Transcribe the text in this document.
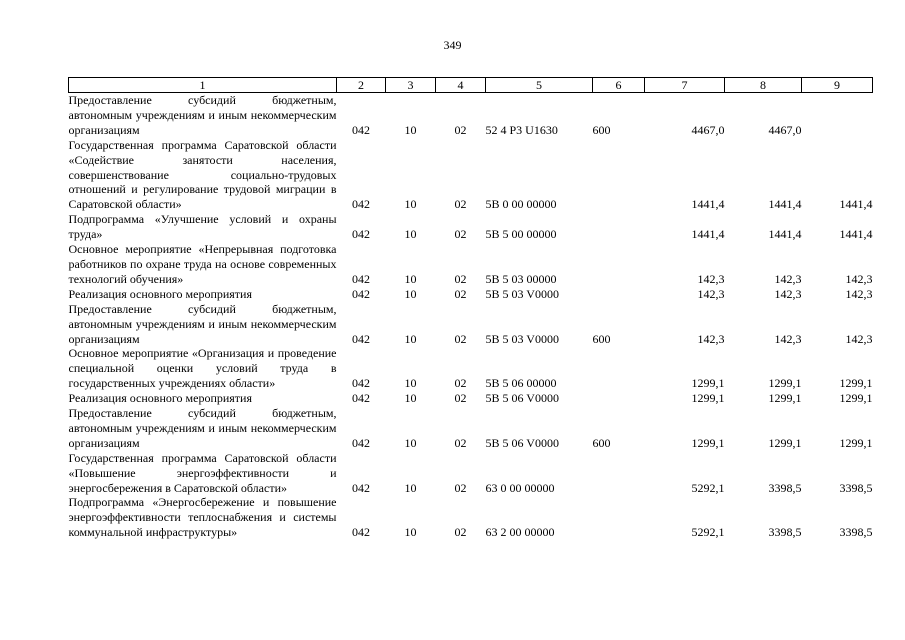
349
1	2	3	4	5	6	7	8	9
Предоставление субсидий бюджетным, автономным учреждениям и иным некоммерческим организациям	042	10	02	52 4 P3 U1630	600	4467,0	4467,0	
Государственная программа Саратовской области «Содействие занятости населения, совершенствование социально-трудовых отношений и регулирование трудовой миграции в Саратовской области»	042	10	02	5B 0 00 00000		1441,4	1441,4	1441,4
Подпрограмма «Улучшение условий и охраны труда»	042	10	02	5B 5 00 00000		1441,4	1441,4	1441,4
Основное мероприятие «Непрерывная подготовка работников по охране труда на основе современных технологий обучения»	042	10	02	5B 5 03 00000		142,3	142,3	142,3
Реализация основного мероприятия	042	10	02	5B 5 03 V0000		142,3	142,3	142,3
Предоставление субсидий бюджетным, автономным учреждениям и иным некоммерческим организациям	042	10	02	5B 5 03 V0000	600	142,3	142,3	142,3
Основное мероприятие «Организация и проведение специальной оценки условий труда в государственных учреждениях области»	042	10	02	5B 5 06 00000		1299,1	1299,1	1299,1
Реализация основного мероприятия	042	10	02	5B 5 06 V0000		1299,1	1299,1	1299,1
Предоставление субсидий бюджетным, автономным учреждениям и иным некоммерческим организациям	042	10	02	5B 5 06 V0000	600	1299,1	1299,1	1299,1
Государственная программа Саратовской области «Повышение энергоэффективности и энергосбережения в Саратовской области»	042	10	02	63 0 00 00000		5292,1	3398,5	3398,5
Подпрограмма «Энергосбережение и повышение энергоэффективности теплоснабжения и системы коммунальной инфраструктуры»	042	10	02	63 2 00 00000		5292,1	3398,5	3398,5
